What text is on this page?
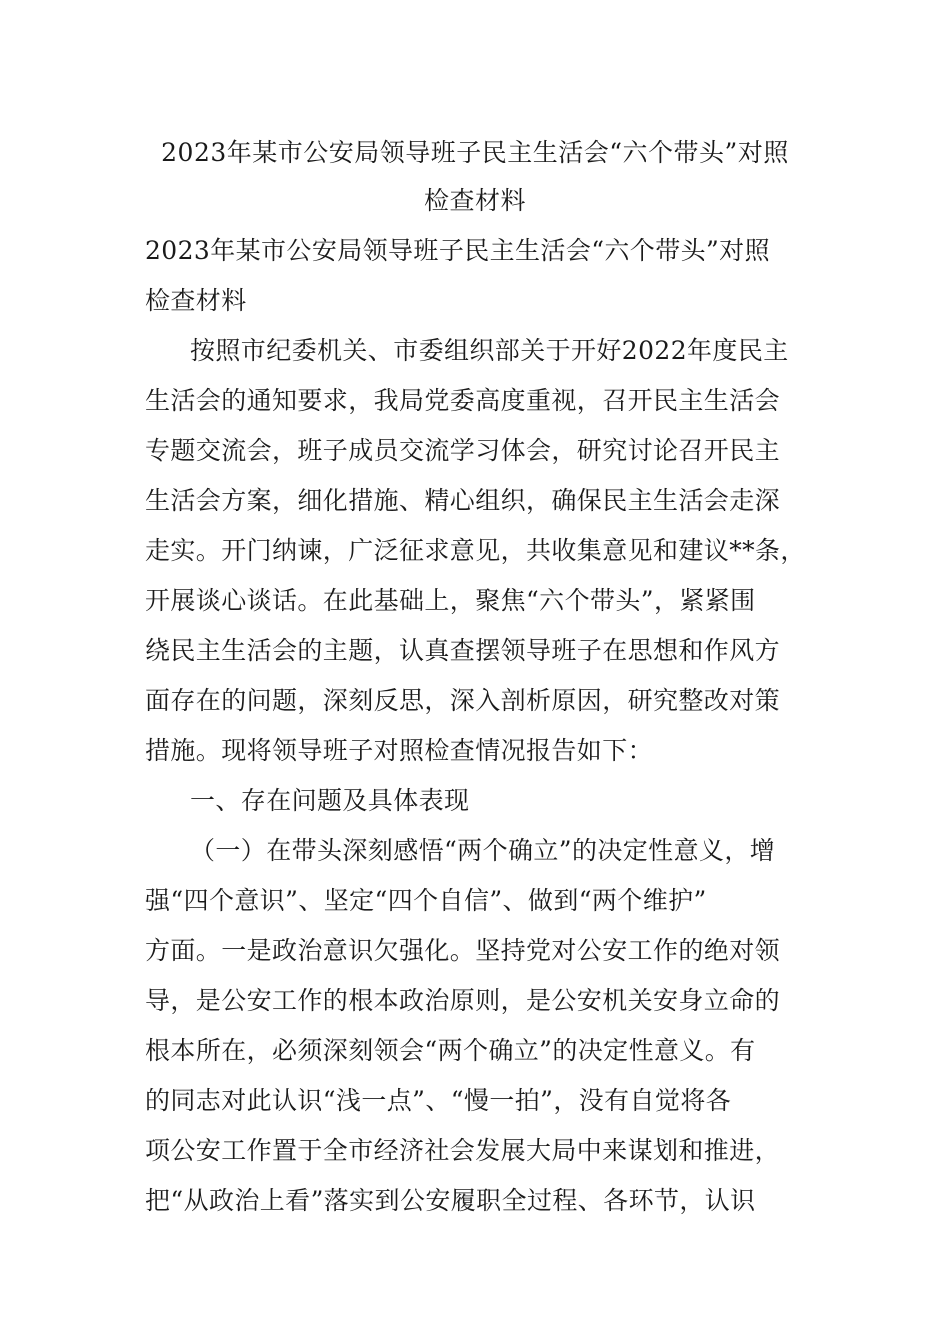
2023年某市公安局领导班子民主生活会“六个带头”对照
检查材料
2023年某市公安局领导班子民主生活会“六个带头”对照
检查材料
按照市纪委机关、市委组织部关于开好2022年度民主
生活会的通知要求，我局党委高度重视，召开民主生活会
专题交流会，班子成员交流学习体会，研究讨论召开民主
生活会方案，细化措施、精心组织，确保民主生活会走深
走实。开门纳谏，广泛征求意见，共收集意见和建议**条，
开展谈心谈话。在此基础上，聚焦“六个带头”，紧紧围
绕民主生活会的主题，认真查摆领导班子在思想和作风方
面存在的问题，深刻反思，深入剖析原因，研究整改对策
措施。现将领导班子对照检查情况报告如下：
一、存在问题及具体表现
（一）在带头深刻感悟“两个确立”的决定性意义，增
强“四个意识”、坚定“四个自信”、做到“两个维护”
方面。一是政治意识欠强化。坚持党对公安工作的绝对领
导，是公安工作的根本政治原则，是公安机关安身立命的
根本所在，必须深刻领会“两个确立”的决定性意义。有
的同志对此认识“浅一点”、“慢一拍”，没有自觉将各
项公安工作置于全市经济社会发展大局中来谋划和推进，
把“从政治上看”落实到公安履职全过程、各环节，认识
